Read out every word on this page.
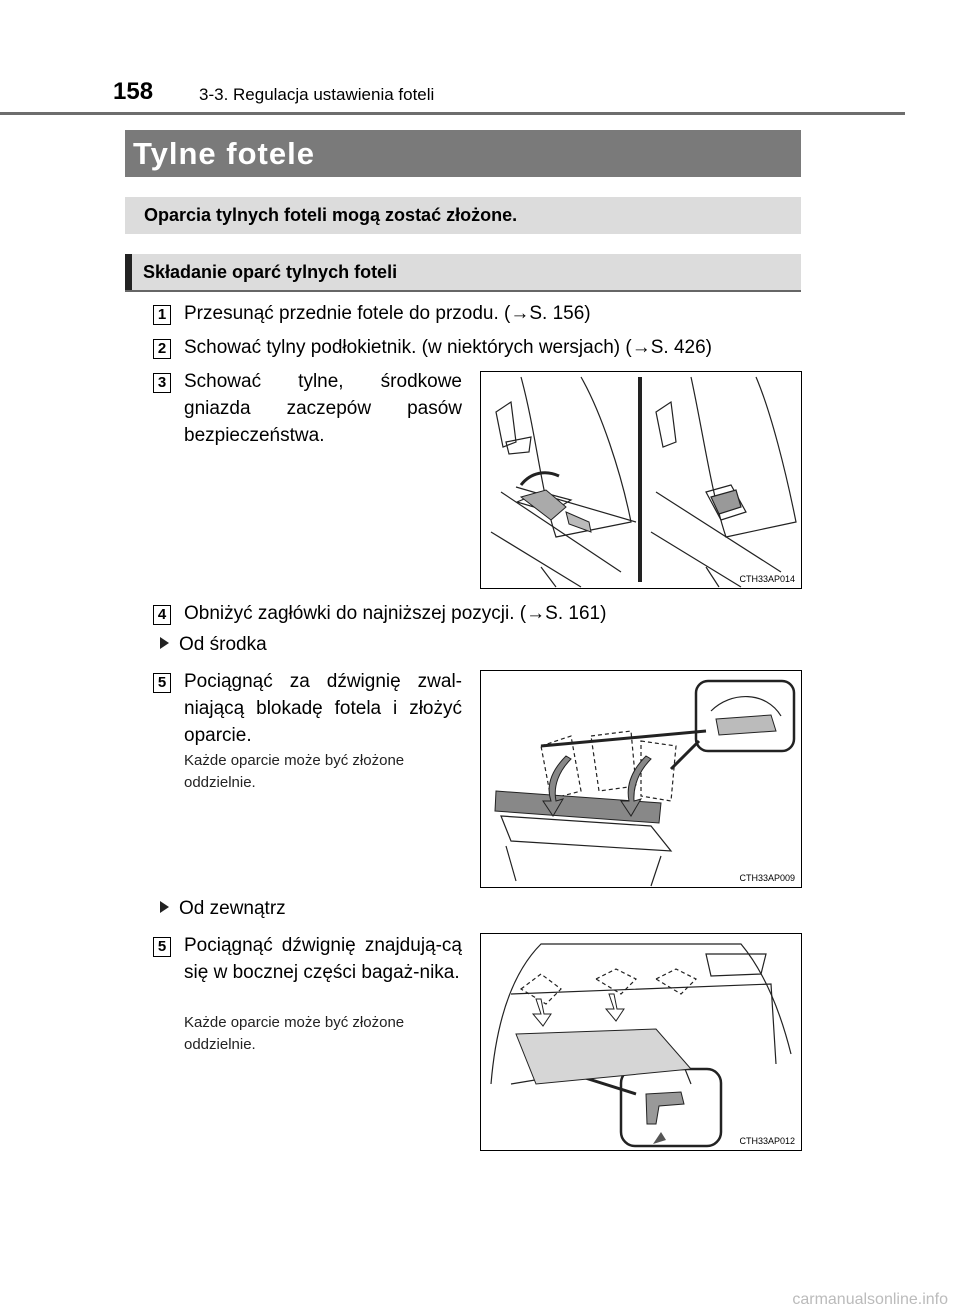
158	3-3. Regulacja ustawienia foteli
Tylne fotele
Oparcia tylnych foteli mogą zostać złożone.
Składanie oparć tylnych foteli
1 Przesunąć przednie fotele do przodu. (→S. 156)
2 Schować tylny podłokietnik. (w niektórych wersjach) (→S. 426)
3 Schować tylne, środkowe gniazda zaczepów pasów bezpieczeństwa.
CTH33AP014
4 Obniżyć zagłówki do najniższej pozycji. (→S. 161)
Od środka
5 Pociągnąć za dźwignię zwal-niającą blokadę fotela i złożyć oparcie.
Każde oparcie może być złożone oddzielnie.
CTH33AP009
Od zewnątrz
5 Pociągnąć dźwignię znajdują-cą się w bocznej części bagaż-nika.
Każde oparcie może być złożone oddzielnie.
CTH33AP012
carmanualsonline.info
